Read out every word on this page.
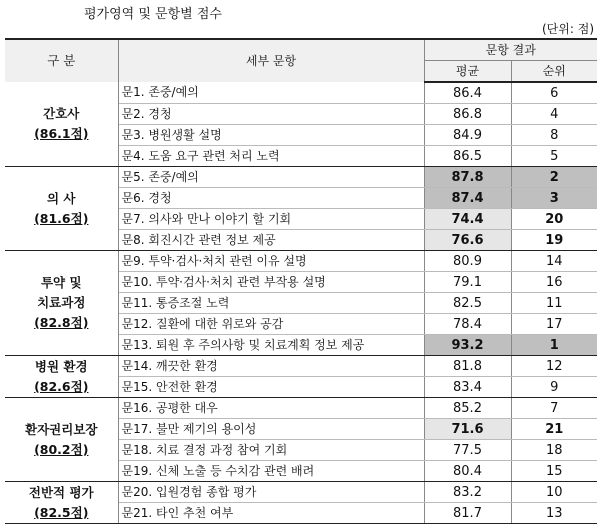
평가영역 및 문항별 점수
(단위: 점)
구 분	세부 문항	문항 결과	
		평균	순위

간호사
(86.1점)	문1. 존중/예의	86.4	6
	문2. 경청	86.8	4
	문3. 병원생활 설명	84.9	8
	문4. 도움 요구 관련 처리 노력	86.5	5

의 사
(81.6점)	문5. 존중/예의	87.8	2
	문6. 경청	87.4	3
	문7. 의사와 만나 이야기 할 기회	74.4	20
	문8. 회진시간 관련 정보 제공	76.6	19

투약 및
치료과정
(82.8점)	문9. 투약·검사·처치 관련 이유 설명	80.9	14
	문10. 투약·검사·처치 관련 부작용 설명	79.1	16
	문11. 통증조절 노력	82.5	11
	문12. 질환에 대한 위로와 공감	78.4	17
	문13. 퇴원 후 주의사항 및 치료계획 정보 제공	93.2	1

병원 환경
(82.6점)	문14. 깨끗한 환경	81.8	12
	문15. 안전한 환경	83.4	9

환자권리보장
(80.2점)	문16. 공평한 대우	85.2	7
	문17. 불만 제기의 용이성	71.6	21
	문18. 치료 결정 과정 참여 기회	77.5	18
	문19. 신체 노출 등 수치감 관련 배려	80.4	15

전반적 평가
(82.5점)	문20. 입원경험 종합 평가	83.2	10
	문21. 타인 추천 여부	81.7	13
